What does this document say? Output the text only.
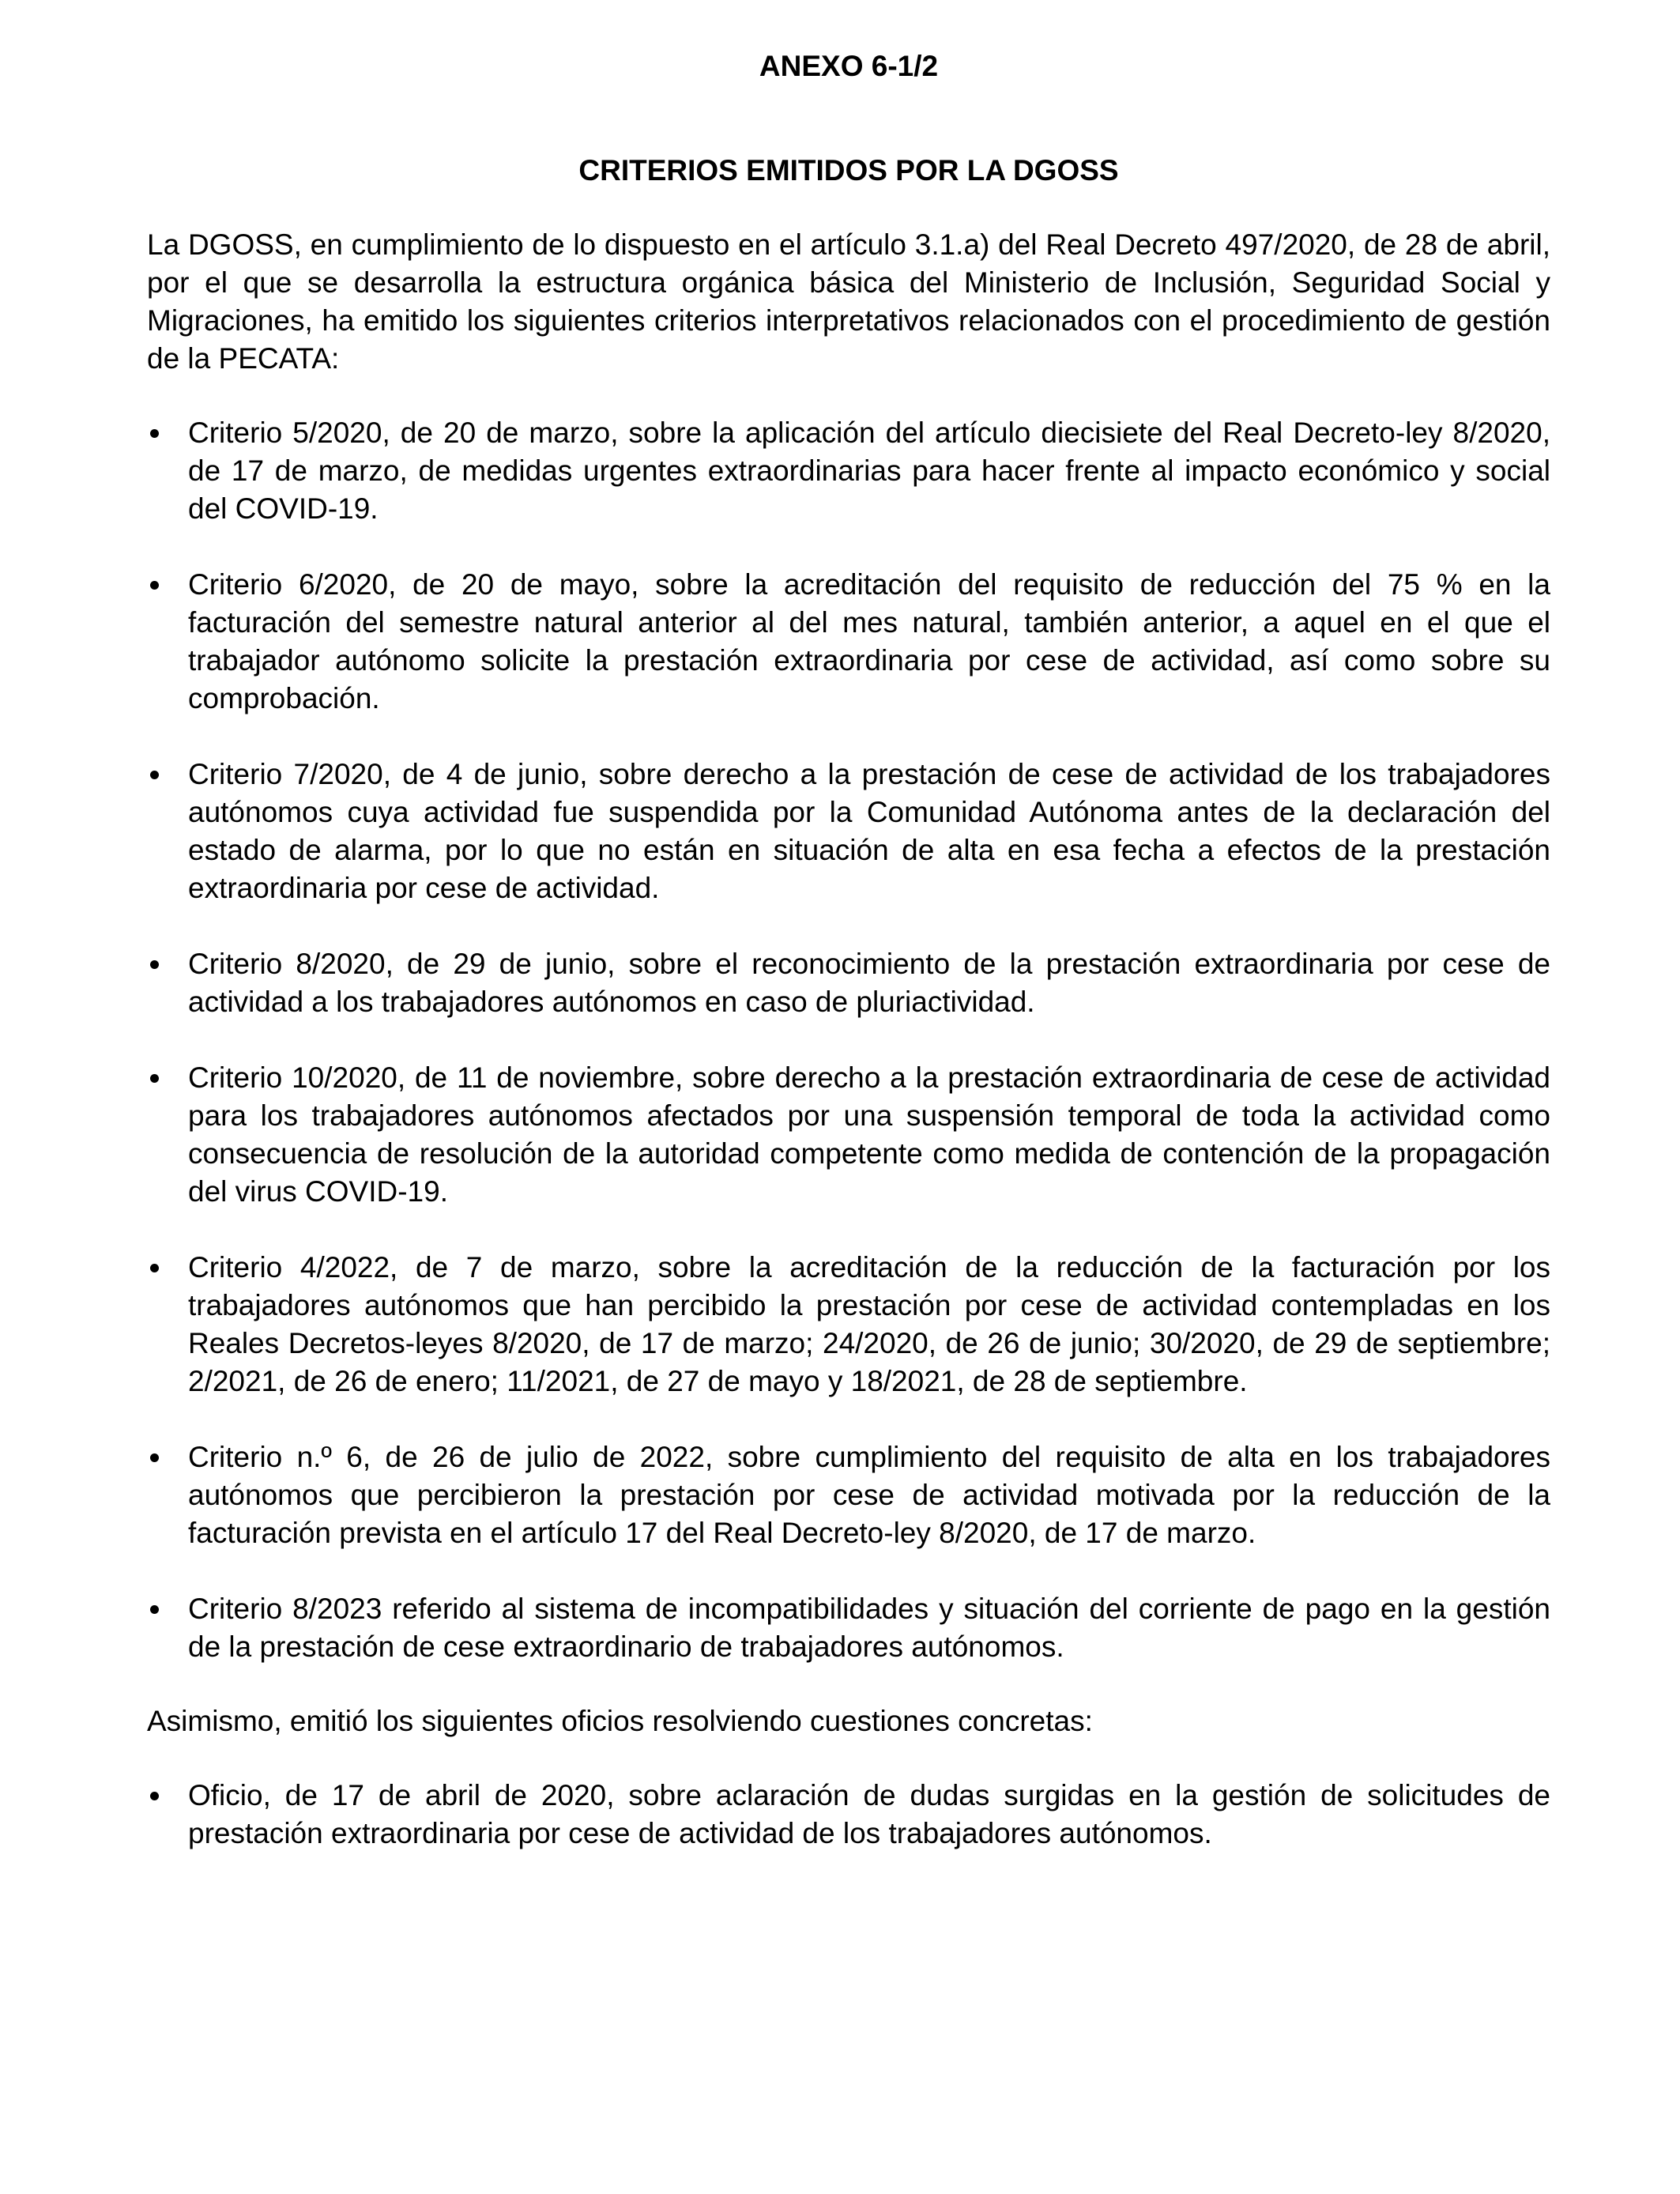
ANEXO 6-1/2
CRITERIOS EMITIDOS POR LA DGOSS

La DGOSS, en cumplimiento de lo dispuesto en el artículo 3.1.a) del Real Decreto 497/2020, de 28 de abril, por el que se desarrolla la estructura orgánica básica del Ministerio de Inclusión, Seguridad Social y Migraciones, ha emitido los siguientes criterios interpretativos relacionados con el procedimiento de gestión de la PECATA:

Criterio 5/2020, de 20 de marzo, sobre la aplicación del artículo diecisiete del Real Decreto-ley 8/2020, de 17 de marzo, de medidas urgentes extraordinarias para hacer frente al impacto económico y social del COVID-19.
Criterio 6/2020, de 20 de mayo, sobre la acreditación del requisito de reducción del 75 % en la facturación del semestre natural anterior al del mes natural, también anterior, a aquel en el que el trabajador autónomo solicite la prestación extraordinaria por cese de actividad, así como sobre su comprobación.
Criterio 7/2020, de 4 de junio, sobre derecho a la prestación de cese de actividad de los trabajadores autónomos cuya actividad fue suspendida por la Comunidad Autónoma antes de la declaración del estado de alarma, por lo que no están en situación de alta en esa fecha a efectos de la prestación extraordinaria por cese de actividad.
Criterio 8/2020, de 29 de junio, sobre el reconocimiento de la prestación extraordinaria por cese de actividad a los trabajadores autónomos en caso de pluriactividad.
Criterio 10/2020, de 11 de noviembre, sobre derecho a la prestación extraordinaria de cese de actividad para los trabajadores autónomos afectados por una suspensión temporal de toda la actividad como consecuencia de resolución de la autoridad competente como medida de contención de la propagación del virus COVID-19.
Criterio 4/2022, de 7 de marzo, sobre la acreditación de la reducción de la facturación por los trabajadores autónomos que han percibido la prestación por cese de actividad contempladas en los Reales Decretos-leyes 8/2020, de 17 de marzo; 24/2020, de 26 de junio; 30/2020, de 29 de septiembre; 2/2021, de 26 de enero; 11/2021, de 27 de mayo y 18/2021, de 28 de septiembre.
Criterio n.º 6, de 26 de julio de 2022, sobre cumplimiento del requisito de alta en los trabajadores autónomos que percibieron la prestación por cese de actividad motivada por la reducción de la facturación prevista en el artículo 17 del Real Decreto-ley 8/2020, de 17 de marzo.
Criterio 8/2023 referido al sistema de incompatibilidades y situación del corriente de pago en la gestión de la prestación de cese extraordinario de trabajadores autónomos.

Asimismo, emitió los siguientes oficios resolviendo cuestiones concretas:

Oficio, de 17 de abril de 2020, sobre aclaración de dudas surgidas en la gestión de solicitudes de prestación extraordinaria por cese de actividad de los trabajadores autónomos.
